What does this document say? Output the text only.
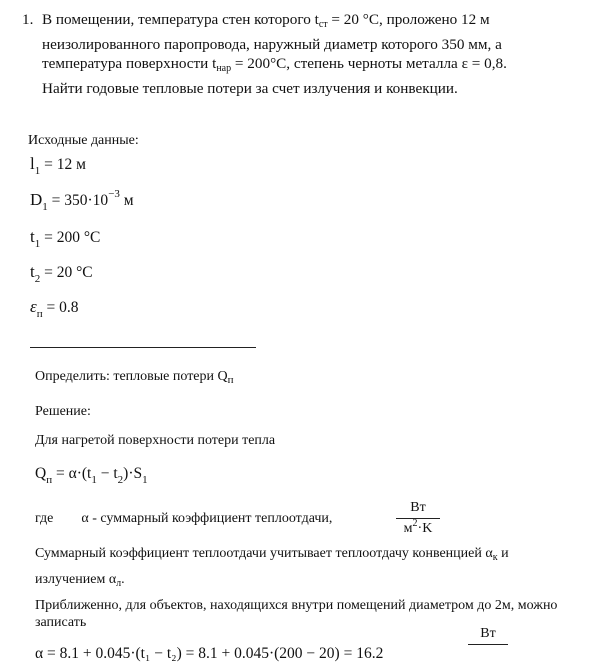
1. В помещении, температура стен которого $t_{ст} = 20$ °С, проложено 12 м
неизолированного паропровода, наружный диаметр которого 350 мм, а
температура поверхности $t_{нар} = 200^\circ С$, степень черноты металла ε = 0,8.
Найти годовые тепловые потери за счет излучения и конвекции.
Исходные данные:
$l_1 = 12$ м
$D_1 = 350\cdot 10^{-3}$ м
$t_1 = 200$ °C
$t_2 = 20$ °C
$\varepsilon_п = 0.8$
Определить: тепловые потери $Q_п$
Решение:
Для нагретой поверхности потери тепла
$Q_п = \alpha\cdot(t_1 - t_2)\cdot S_1$
где α - суммарный коэффициент теплоотдачи,
Вт
$м^2\cdot K$
Суммарный коэффициент теплоотдачи учитывает теплоотдачу конвенцией $\alpha_к$ и
излучением $\alpha_л$.
Приближенно, для объектов, находящихся внутри помещений диаметром до 2м, можно
записать
α = 8.1 + 0.045·(t₁ − t₂) = 8.1 + 0.045·(200 − 20) = 16.2
Вт
